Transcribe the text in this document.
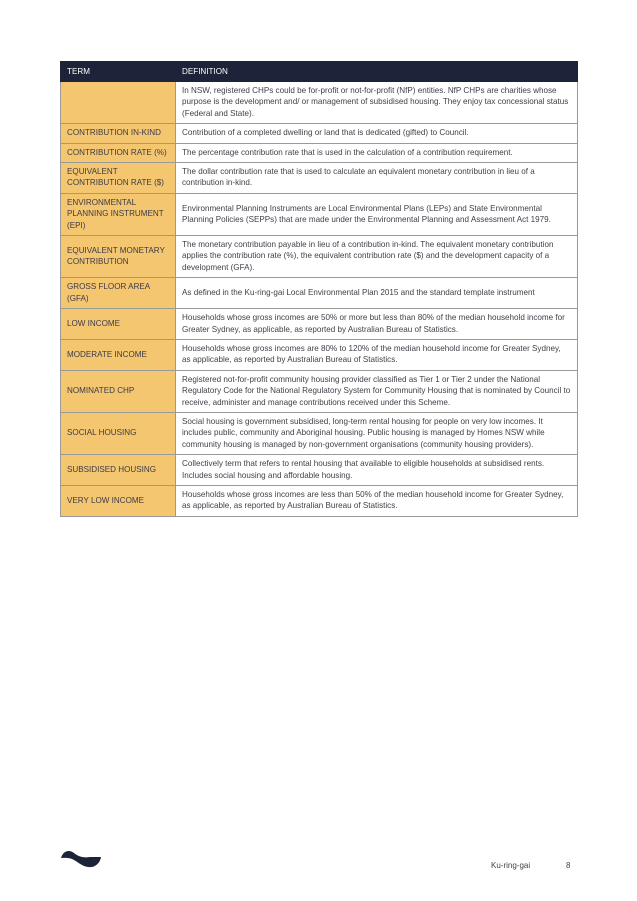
TERM	DEFINITION
	In NSW, registered CHPs could be for-profit or not-for-profit (NfP) entities. NfP CHPs are charities whose purpose is the development and/ or management of subsidised housing. They enjoy tax concessional status (Federal and State).
CONTRIBUTION IN-KIND	Contribution of a completed dwelling or land that is dedicated (gifted) to Council.
CONTRIBUTION RATE (%)	The percentage contribution rate that is used in the calculation of a contribution requirement.
EQUIVALENT CONTRIBUTION RATE ($)	The dollar contribution rate that is used to calculate an equivalent monetary contribution in lieu of a contribution in-kind.
ENVIRONMENTAL PLANNING INSTRUMENT (EPI)	Environmental Planning Instruments are Local Environmental Plans (LEPs) and State Environmental Planning Policies (SEPPs) that are made under the Environmental Planning and Assessment Act 1979.
EQUIVALENT MONETARY CONTRIBUTION	The monetary contribution payable in lieu of a contribution in-kind. The equivalent monetary contribution applies the contribution rate (%), the equivalent contribution rate ($) and the development capacity of a development (GFA).
GROSS FLOOR AREA (GFA)	As defined in the Ku-ring-gai Local Environmental Plan 2015 and the standard template instrument
LOW INCOME	Households whose gross incomes are 50% or more but less than 80% of the median household income for Greater Sydney, as applicable, as reported by Australian Bureau of Statistics.
MODERATE INCOME	Households whose gross incomes are 80% to 120% of the median household income for Greater Sydney, as applicable, as reported by Australian Bureau of Statistics.
NOMINATED CHP	Registered not-for-profit community housing provider classified as Tier 1 or Tier 2 under the National Regulatory Code for the National Regulatory System for Community Housing that is nominated by Council to receive, administer and manage contributions received under this Scheme.
SOCIAL HOUSING	Social housing is government subsidised, long-term rental housing for people on very low incomes. It includes public, community and Aboriginal housing. Public housing is managed by Homes NSW while community housing is managed by non-government organisations (community housing providers).
SUBSIDISED HOUSING	Collectively term that refers to rental housing that available to eligible households at subsidised rents. Includes social housing and affordable housing.
VERY LOW INCOME	Households whose gross incomes are less than 50% of the median household income for Greater Sydney, as applicable, as reported by Australian Bureau of Statistics.
Ku-ring-gai	8
